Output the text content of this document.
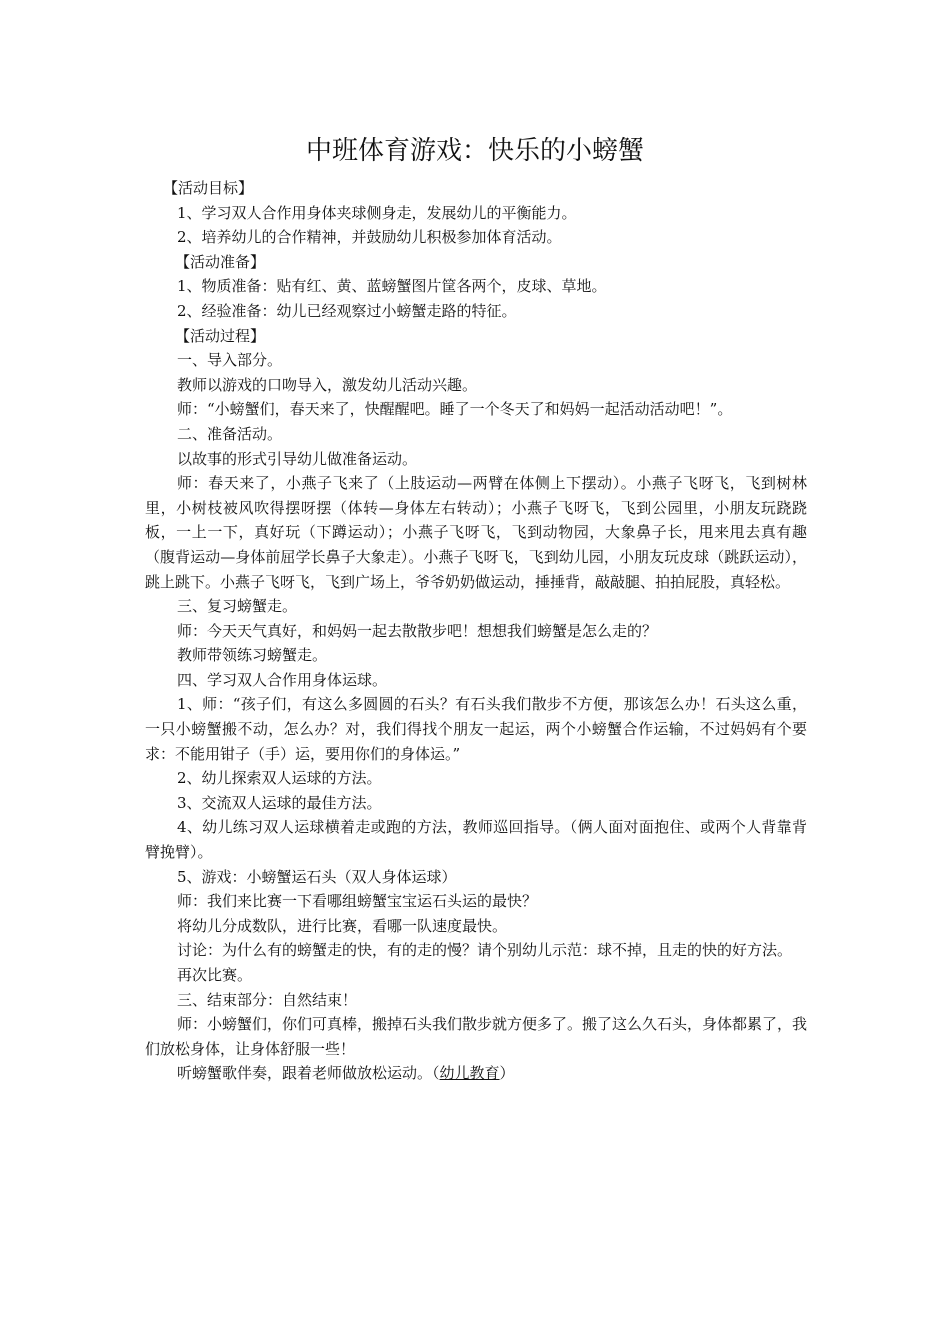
中班体育游戏：快乐的小螃蟹

【活动目标】

1、学习双人合作用身体夹球侧身走，发展幼儿的平衡能力。

2、培养幼儿的合作精神，并鼓励幼儿积极参加体育活动。

【活动准备】

1、物质准备：贴有红、黄、蓝螃蟹图片筐各两个，皮球、草地。

2、经验准备：幼儿已经观察过小螃蟹走路的特征。

【活动过程】

一、导入部分。

教师以游戏的口吻导入，激发幼儿活动兴趣。

师：“小螃蟹们，春天来了，快醒醒吧。睡了一个冬天了和妈妈一起活动活动吧！”。

二、准备活动。

以故事的形式引导幼儿做准备运动。

师：春天来了，小燕子飞来了（上肢运动—两臂在体侧上下摆动）。小燕子飞呀飞，飞到树林里，小树枝被风吹得摆呀摆（体转—身体左右转动）；小燕子飞呀飞，飞到公园里，小朋友玩跷跷板，一上一下，真好玩（下蹲运动）；小燕子飞呀飞，飞到动物园，大象鼻子长，甩来甩去真有趣（腹背运动—身体前屈学长鼻子大象走）。小燕子飞呀飞，飞到幼儿园，小朋友玩皮球（跳跃运动），跳上跳下。小燕子飞呀飞，飞到广场上，爷爷奶奶做运动，捶捶背，敲敲腿、拍拍屁股，真轻松。

三、复习螃蟹走。

师：今天天气真好，和妈妈一起去散散步吧！想想我们螃蟹是怎么走的？

教师带领练习螃蟹走。

四、学习双人合作用身体运球。

1、师：“孩子们，有这么多圆圆的石头？有石头我们散步不方便，那该怎么办！石头这么重，一只小螃蟹搬不动，怎么办？对，我们得找个朋友一起运，两个小螃蟹合作运输，不过妈妈有个要求：不能用钳子（手）运，要用你们的身体运。”

2、幼儿探索双人运球的方法。

3、交流双人运球的最佳方法。

4、幼儿练习双人运球横着走或跑的方法，教师巡回指导。（俩人面对面抱住、或两个人背靠背臂挽臂）。

5、游戏：小螃蟹运石头（双人身体运球）

师：我们来比赛一下看哪组螃蟹宝宝运石头运的最快？

将幼儿分成数队，进行比赛，看哪一队速度最快。

讨论：为什么有的螃蟹走的快，有的走的慢？请个别幼儿示范：球不掉，且走的快的好方法。

再次比赛。

三、结束部分：自然结束！

师：小螃蟹们，你们可真棒，搬掉石头我们散步就方便多了。搬了这么久石头，身体都累了，我们放松身体，让身体舒服一些！

听螃蟹歌伴奏，跟着老师做放松运动。（幼儿教育）
